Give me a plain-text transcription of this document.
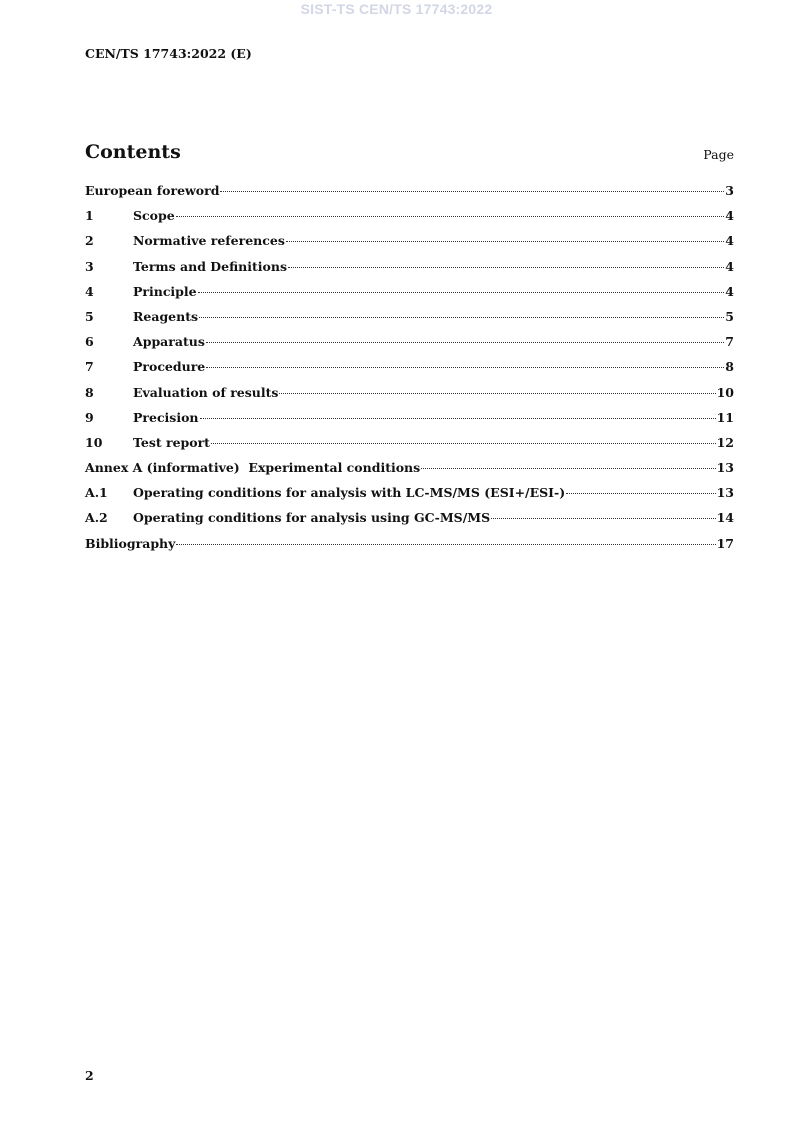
SIST-TS CEN/TS 17743:2022
CEN/TS 17743:2022 (E)
Contents	Page
European foreword	3
1	Scope	4
2	Normative references	4
3	Terms and Definitions	4
4	Principle	4
5	Reagents	5
6	Apparatus	7
7	Procedure	8
8	Evaluation of results	10
9	Precision	11
10	Test report	12
Annex A (informative)  Experimental conditions	13
A.1	Operating conditions for analysis with LC-MS/MS (ESI+/ESI-)	13
A.2	Operating conditions for analysis using GC-MS/MS	14
Bibliography	17
2
